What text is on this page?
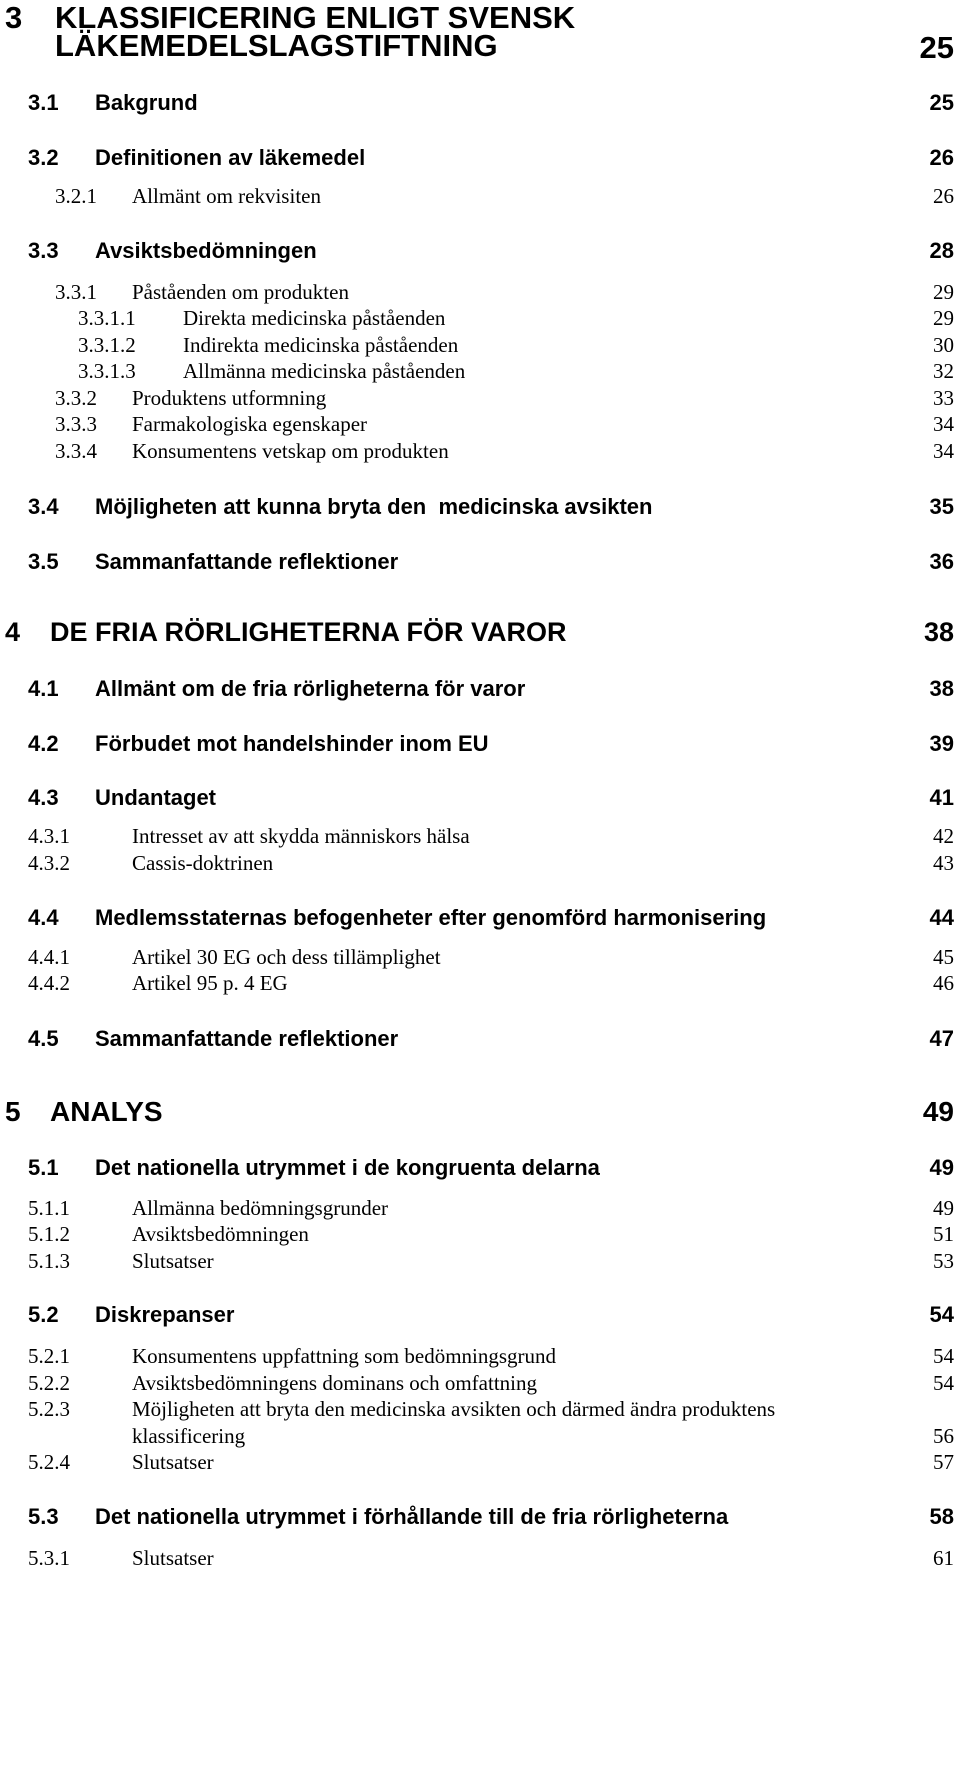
3 KLASSIFICERING ENLIGT SVENSK
LÄKEMEDELSLAGSTIFTNING	25
3.1 Bakgrund	25
3.2 Definitionen av läkemedel	26
3.2.1 Allmänt om rekvisiten	26
3.3 Avsiktsbedömningen	28
3.3.1 Påståenden om produkten	29
3.3.1.1 Direkta medicinska påståenden	29
3.3.1.2 Indirekta medicinska påståenden	30
3.3.1.3 Allmänna medicinska påståenden	32
3.3.2 Produktens utformning	33
3.3.3 Farmakologiska egenskaper	34
3.3.4 Konsumentens vetskap om produkten	34
3.4 Möjligheten att kunna bryta den  medicinska avsikten	35
3.5 Sammanfattande reflektioner	36
4 DE FRIA RÖRLIGHETERNA FÖR VAROR	38
4.1 Allmänt om de fria rörligheterna för varor	38
4.2 Förbudet mot handelshinder inom EU	39
4.3 Undantaget	41
4.3.1	Intresset av att skydda människors hälsa	42
4.3.2	Cassis-doktrinen	43
4.4 Medlemsstaternas befogenheter efter genomförd harmonisering	44
4.4.1	Artikel 30 EG och dess tillämplighet	45
4.4.2	Artikel 95 p. 4 EG	46
4.5 Sammanfattande reflektioner	47
5 ANALYS	49
5.1 Det nationella utrymmet i de kongruenta delarna	49
5.1.1	Allmänna bedömningsgrunder	49
5.1.2	Avsiktsbedömningen	51
5.1.3	Slutsatser	53
5.2 Diskrepanser	54
5.2.1	Konsumentens uppfattning som bedömningsgrund	54
5.2.2	Avsiktsbedömningens dominans och omfattning	54
5.2.3	Möjligheten att bryta den medicinska avsikten och därmed ändra produktens
klassificering	56
5.2.4	Slutsatser	57
5.3 Det nationella utrymmet i förhållande till de fria rörligheterna	58
5.3.1	Slutsatser	61
